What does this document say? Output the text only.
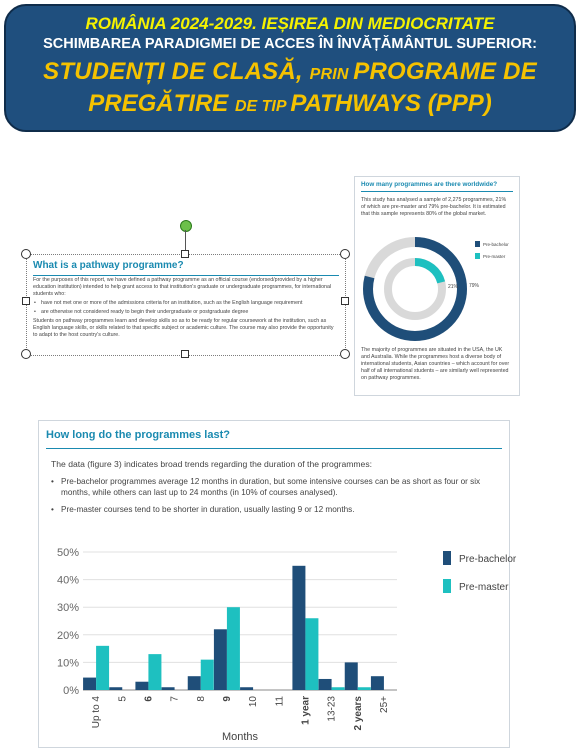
ROMÂNIA 2024-2029. IEȘIREA DIN MEDIOCRITATE
SCHIMBAREA PARADIGMEI DE ACCES ÎN ÎNVĂȚĂMÂNTUL SUPERIOR:
STUDENȚI DE CLASĂ, PRIN PROGRAME DE
PREGĂTIRE DE TIP PATHWAYS (PPP)
What is a pathway programme?

For the purposes of this report, we have defined a pathway programme as an official course (endorsed/provided by a higher education institution) intended to help grant access to that institution's graduate or undergraduate programmes, for international students who:

• have not met one or more of the admissions criteria for an institution, such as the English language requirement

• are otherwise not considered ready to begin their undergraduate or postgraduate degree

Students on pathway programmes learn and develop skills so as to be ready for regular coursework at the institution, such as English language skills, or skills related to that specific subject or academic culture. The course may also provide the opportunity to adapt to the host country's culture.

How many programmes are there worldwide?
This study has analysed a sample of 2,275 programmes, 21% of which are pre-master and 79% pre-bachelor. It is estimated that this sample represents 80% of the global market.
79%
21%
Pre-bachelor
Pre-master
The majority of programmes are situated in the USA, the UK and Australia. While the programmes host a diverse body of international students, Asian countries – which account for over half of all international students – are similarly well represented on pathway programmes.
How long do the programmes last?
The data (figure 3) indicates broad trends regarding the duration of the programmes:
• Pre-bachelor programmes average 12 months in duration, but some intensive courses can be as short as four or six
months, while others can last up to 24 months (in 10% of courses analysed).
• Pre-master courses tend to be shorter in duration, usually lasting 9 or 12 months.
0%
10%
20%
30%
40%
50%
Up to 4 5 6 7 8 9 10 11 1 year 13-23 2 years 25+
Months
Pre-bachelor
Pre-master
